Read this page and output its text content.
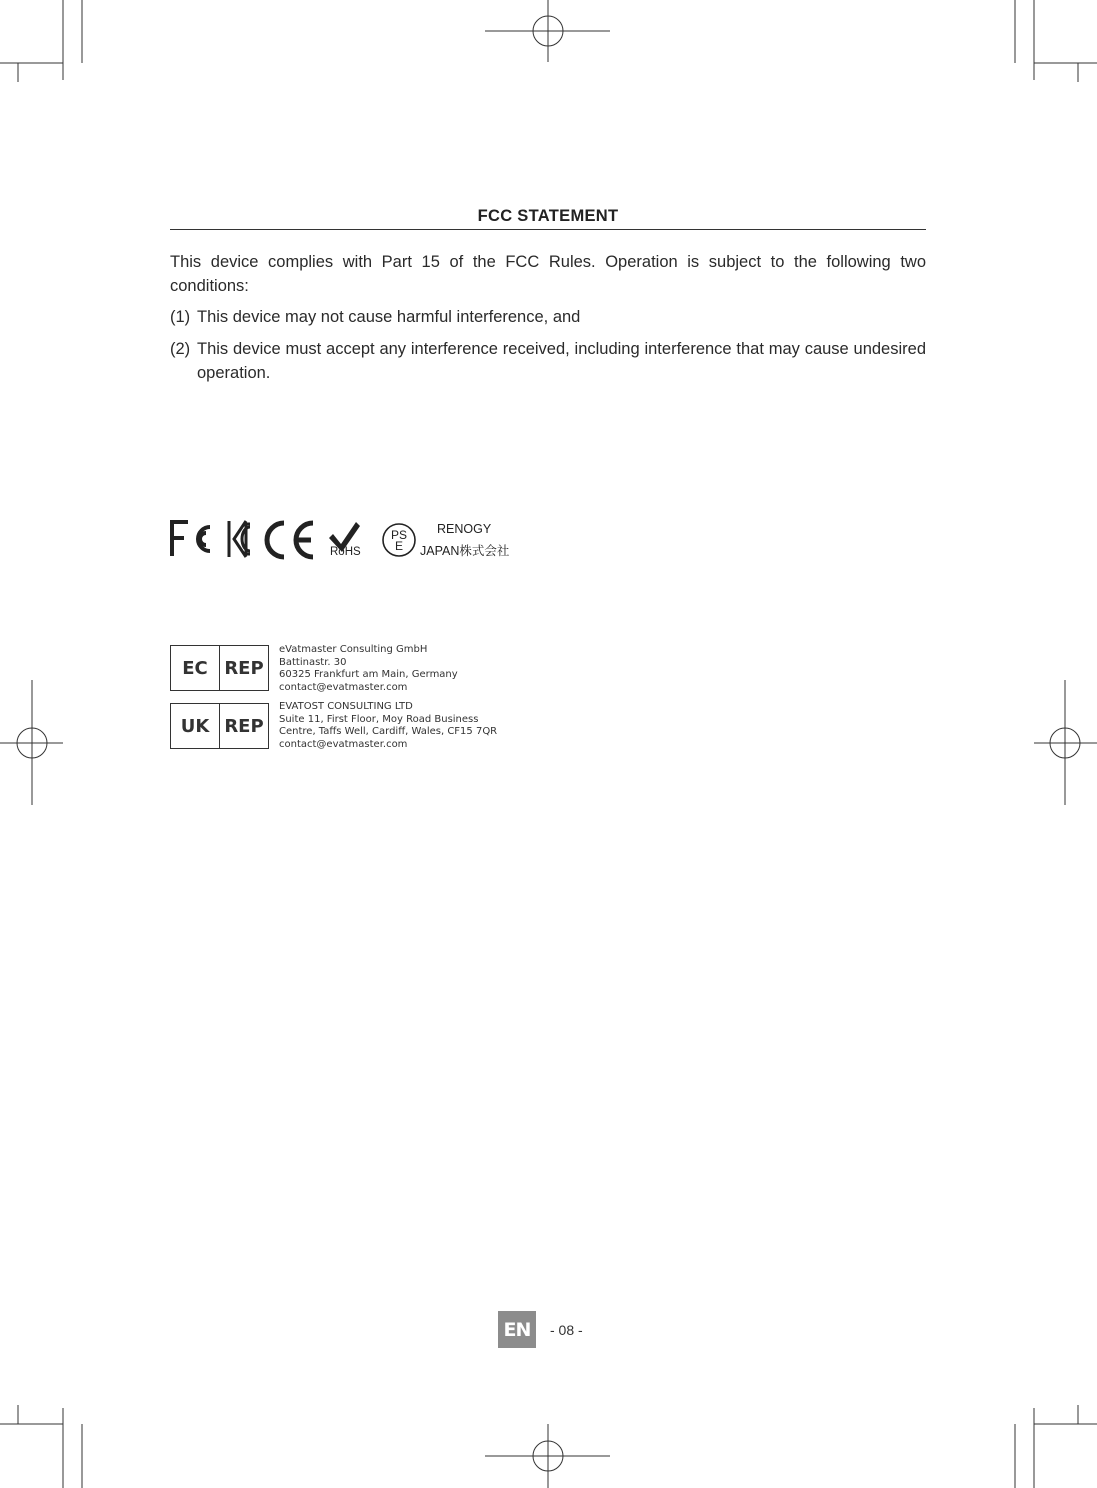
FCC STATEMENT
This device complies with Part 15 of the FCC Rules. Operation is subject to the following two conditions:
(1) This device may not cause harmful interference, and
(2) This device must accept any interference received, including interference that may cause undesired operation.
RoHS
PS
E
RENOGY
JAPAN株式会社
EC REP
eVatmaster Consulting GmbH
Battinastr. 30
60325 Frankfurt am Main, Germany
contact@evatmaster.com
UK REP
EVATOST CONSULTING LTD
Suite 11, First Floor, Moy Road Business
Centre, Taffs Well, Cardiff, Wales, CF15 7QR
contact@evatmaster.com
EN	- 08 -
